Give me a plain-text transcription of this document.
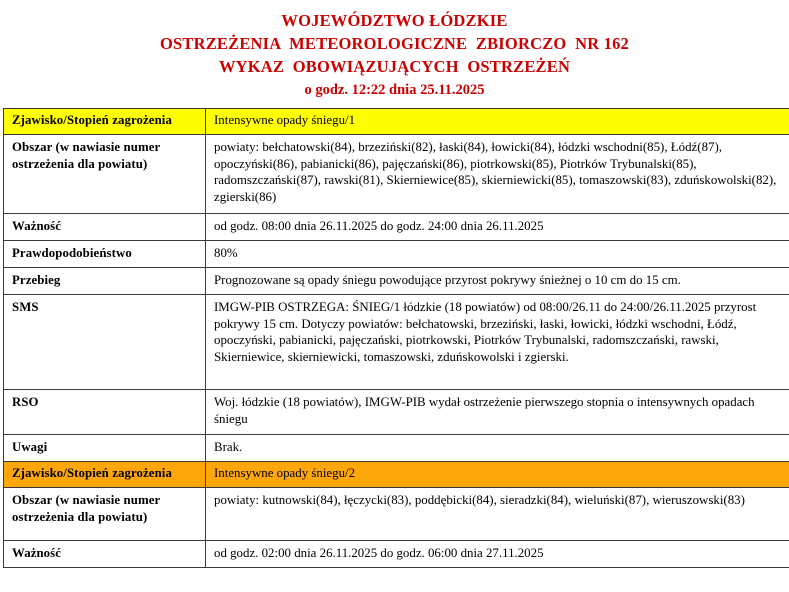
WOJEWÓDZTWO ŁÓDZKIE
OSTRZEŻENIA  METEOROLOGICZNE  ZBIORCZO  NR 162
WYKAZ  OBOWIĄZUJĄCYCH  OSTRZEŻEŃ
o godz. 12:22 dnia 25.11.2025
Zjawisko/Stopień zagrożenia	Intensywne opady śniegu/1
Obszar (w nawiasie numer ostrzeżenia dla powiatu)	powiaty: bełchatowski(84), brzeziński(82), łaski(84), łowicki(84), łódzki wschodni(85), Łódź(87), opoczyński(86), pabianicki(86), pajęczański(86), piotrkowski(85), Piotrków Trybunalski(85), radomszczański(87), rawski(81), Skierniewice(85), skierniewicki(85), tomaszowski(83), zduńskowolski(82), zgierski(86)
Ważność	od godz. 08:00 dnia 26.11.2025 do godz. 24:00 dnia 26.11.2025
Prawdopodobieństwo	80%
Przebieg	Prognozowane są opady śniegu powodujące przyrost pokrywy śnieżnej o 10 cm do 15 cm.
SMS	IMGW-PIB OSTRZEGA: ŚNIEG/1 łódzkie (18 powiatów) od 08:00/26.11 do 24:00/26.11.2025 przyrost pokrywy 15 cm. Dotyczy powiatów: bełchatowski, brzeziński, łaski, łowicki, łódzki wschodni, Łódź, opoczyński, pabianicki, pajęczański, piotrkowski, Piotrków Trybunalski, radomszczański, rawski, Skierniewice, skierniewicki, tomaszowski, zduńskowolski i zgierski.
RSO	Woj. łódzkie (18 powiatów), IMGW-PIB wydał ostrzeżenie pierwszego stopnia o intensywnych opadach śniegu
Uwagi	Brak.
Zjawisko/Stopień zagrożenia	Intensywne opady śniegu/2
Obszar (w nawiasie numer ostrzeżenia dla powiatu)	powiaty: kutnowski(84), łęczycki(83), poddębicki(84), sieradzki(84), wieluński(87), wieruszowski(83)
Ważność	od godz. 02:00 dnia 26.11.2025 do godz. 06:00 dnia 27.11.2025
